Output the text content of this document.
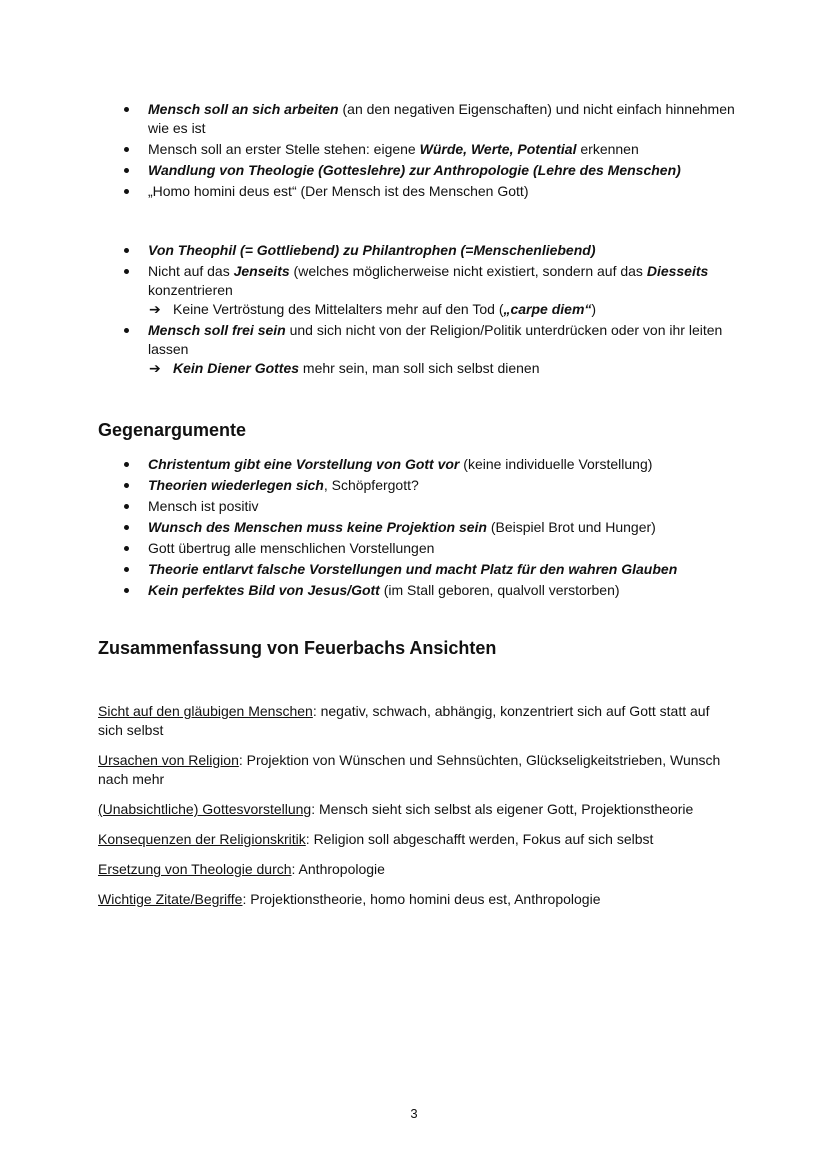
Mensch soll an sich arbeiten (an den negativen Eigenschaften) und nicht einfach hinnehmen wie es ist
Mensch soll an erster Stelle stehen: eigene Würde, Werte, Potential erkennen
Wandlung von Theologie (Gotteslehre) zur Anthropologie (Lehre des Menschen)
„Homo homini deus est“ (Der Mensch ist des Menschen Gott)
Von Theophil (= Gottliebend) zu Philantrophen (=Menschenliebend)
Nicht auf das Jenseits (welches möglicherweise nicht existiert, sondern auf das Diesseits konzentrieren
➔ Keine Vertröstung des Mittelalters mehr auf den Tod („carpe diem“)
Mensch soll frei sein und sich nicht von der Religion/Politik unterdrücken oder von ihr leiten lassen
➔ Kein Diener Gottes mehr sein, man soll sich selbst dienen
Gegenargumente
Christentum gibt eine Vorstellung von Gott vor (keine individuelle Vorstellung)
Theorien wiederlegen sich, Schöpfergott?
Mensch ist positiv
Wunsch des Menschen muss keine Projektion sein (Beispiel Brot und Hunger)
Gott übertrug alle menschlichen Vorstellungen
Theorie entlarvt falsche Vorstellungen und macht Platz für den wahren Glauben
Kein perfektes Bild von Jesus/Gott (im Stall geboren, qualvoll verstorben)
Zusammenfassung von Feuerbachs Ansichten

Sicht auf den gläubigen Menschen: negativ, schwach, abhängig, konzentriert sich auf Gott statt auf sich selbst

Ursachen von Religion: Projektion von Wünschen und Sehnsüchten, Glückseligkeitstrieben, Wunsch nach mehr

(Unabsichtliche) Gottesvorstellung: Mensch sieht sich selbst als eigener Gott, Projektionstheorie

Konsequenzen der Religionskritik: Religion soll abgeschafft werden, Fokus auf sich selbst

Ersetzung von Theologie durch: Anthropologie

Wichtige Zitate/Begriffe: Projektionstheorie, homo homini deus est, Anthropologie

3
